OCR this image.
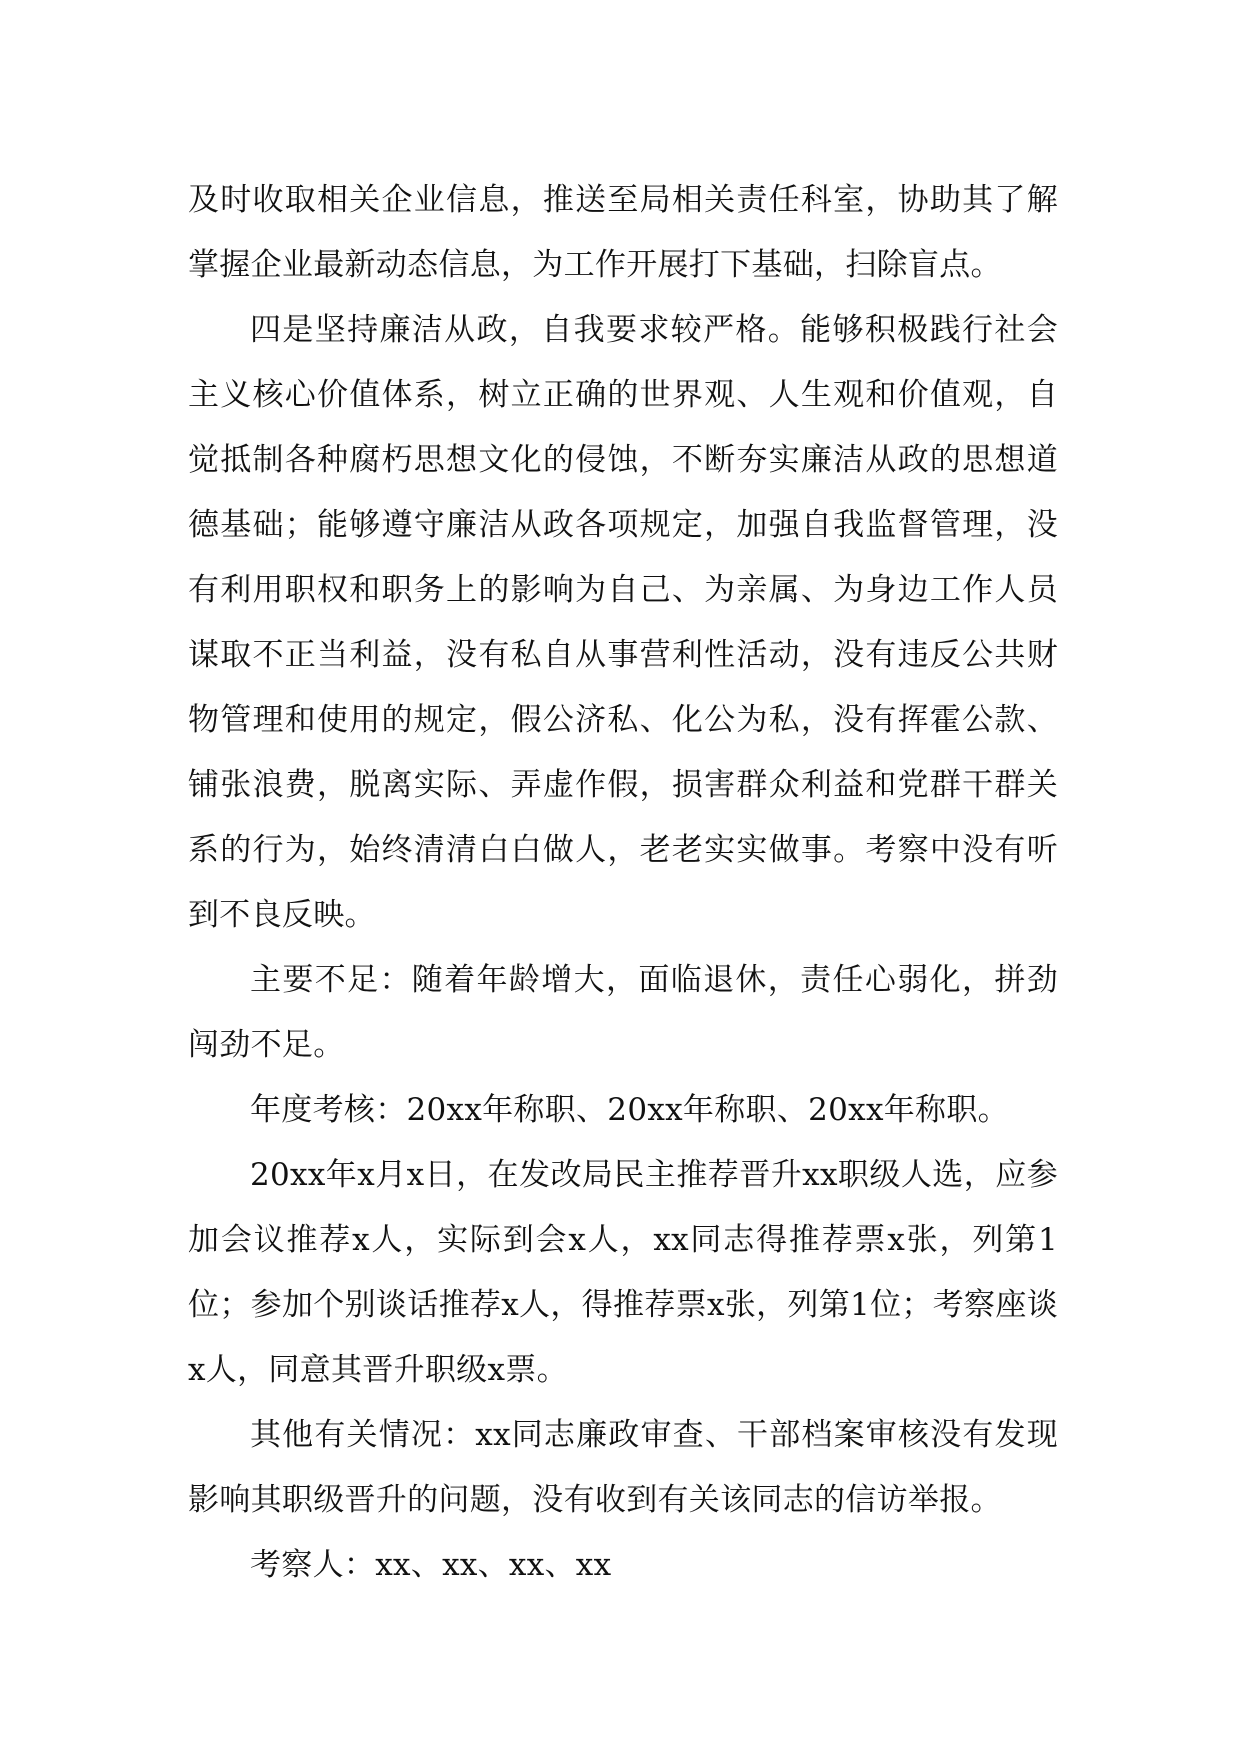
及时收取相关企业信息，推送至局相关责任科室，协助其了解掌握企业最新动态信息，为工作开展打下基础，扫除盲点。

四是坚持廉洁从政，自我要求较严格。能够积极践行社会主义核心价值体系，树立正确的世界观、人生观和价值观，自觉抵制各种腐朽思想文化的侵蚀，不断夯实廉洁从政的思想道德基础；能够遵守廉洁从政各项规定，加强自我监督管理，没有利用职权和职务上的影响为自己、为亲属、为身边工作人员谋取不正当利益，没有私自从事营利性活动，没有违反公共财物管理和使用的规定，假公济私、化公为私，没有挥霍公款、铺张浪费，脱离实际、弄虚作假，损害群众利益和党群干群关系的行为，始终清清白白做人，老老实实做事。考察中没有听到不良反映。

主要不足：随着年龄增大，面临退休，责任心弱化，拼劲闯劲不足。

年度考核：20xx年称职、20xx年称职、20xx年称职。

20xx年x月x日，在发改局民主推荐晋升xx职级人选，应参加会议推荐x人，实际到会x人，xx同志得推荐票x张，列第1位；参加个别谈话推荐x人，得推荐票x张，列第1位；考察座谈x人，同意其晋升职级x票。

其他有关情况：xx同志廉政审查、干部档案审核没有发现影响其职级晋升的问题，没有收到有关该同志的信访举报。

考察人：xx、xx、xx、xx
